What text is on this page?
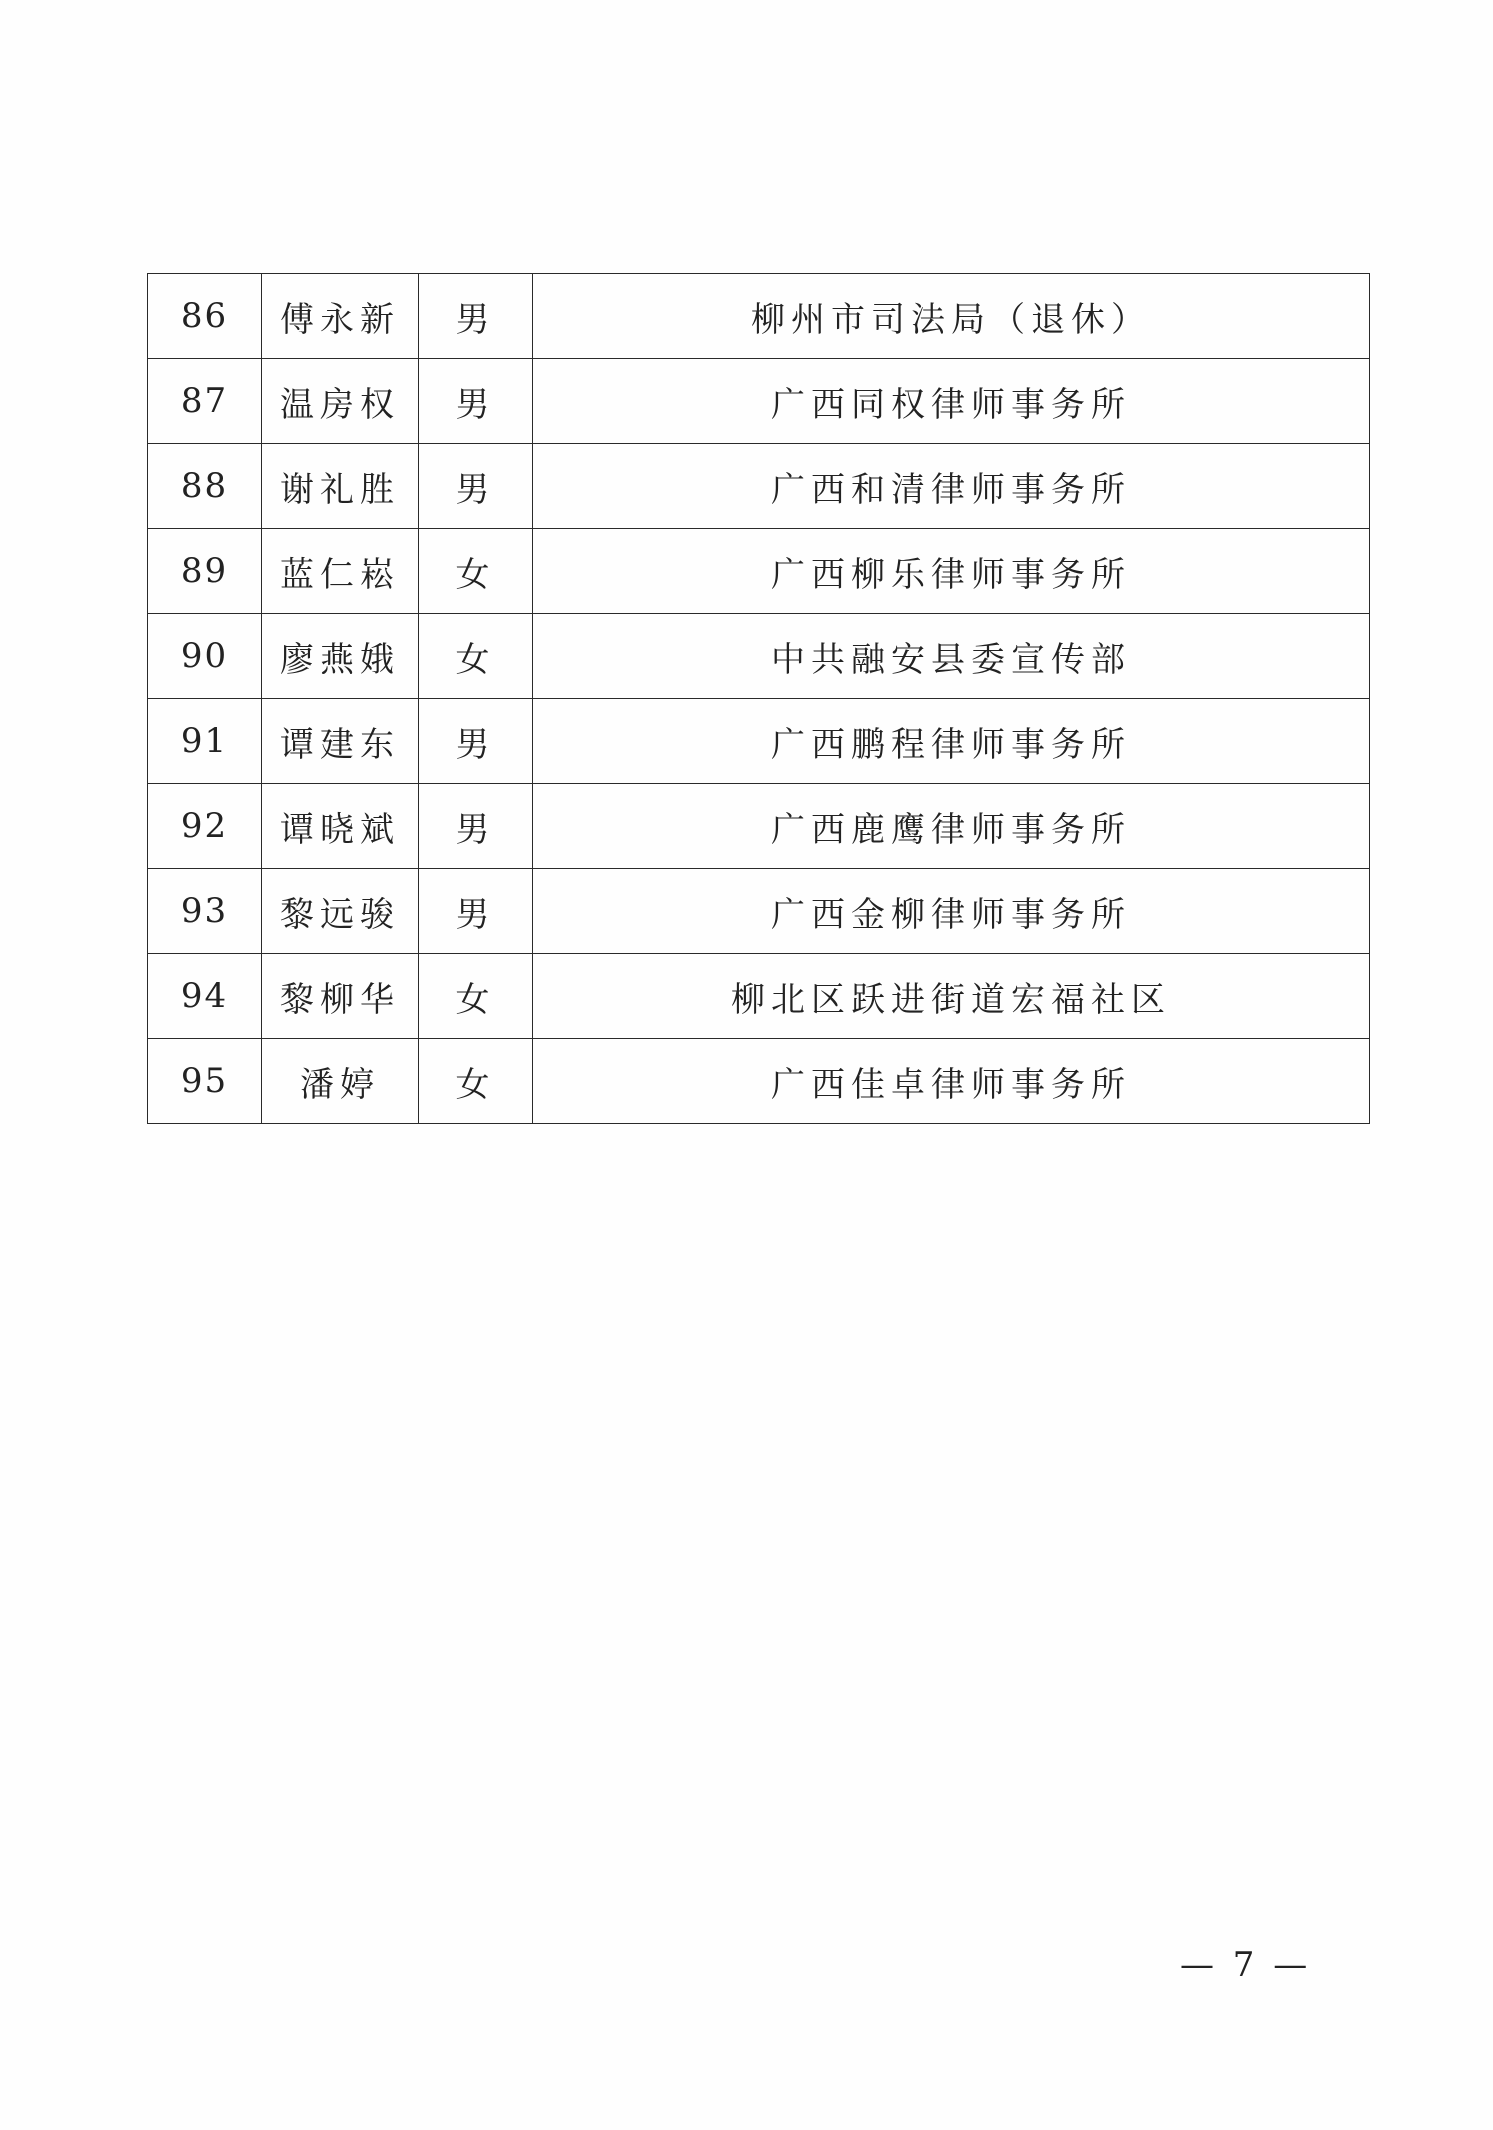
86	傅永新	男	柳州市司法局（退休）
87	温房权	男	广西同权律师事务所
88	谢礼胜	男	广西和清律师事务所
89	蓝仁崧	女	广西柳乐律师事务所
90	廖燕娥	女	中共融安县委宣传部
91	谭建东	男	广西鹏程律师事务所
92	谭晓斌	男	广西鹿鹰律师事务所
93	黎远骏	男	广西金柳律师事务所
94	黎柳华	女	柳北区跃进街道宏福社区
95	潘婷	女	广西佳卓律师事务所
— 7 —
